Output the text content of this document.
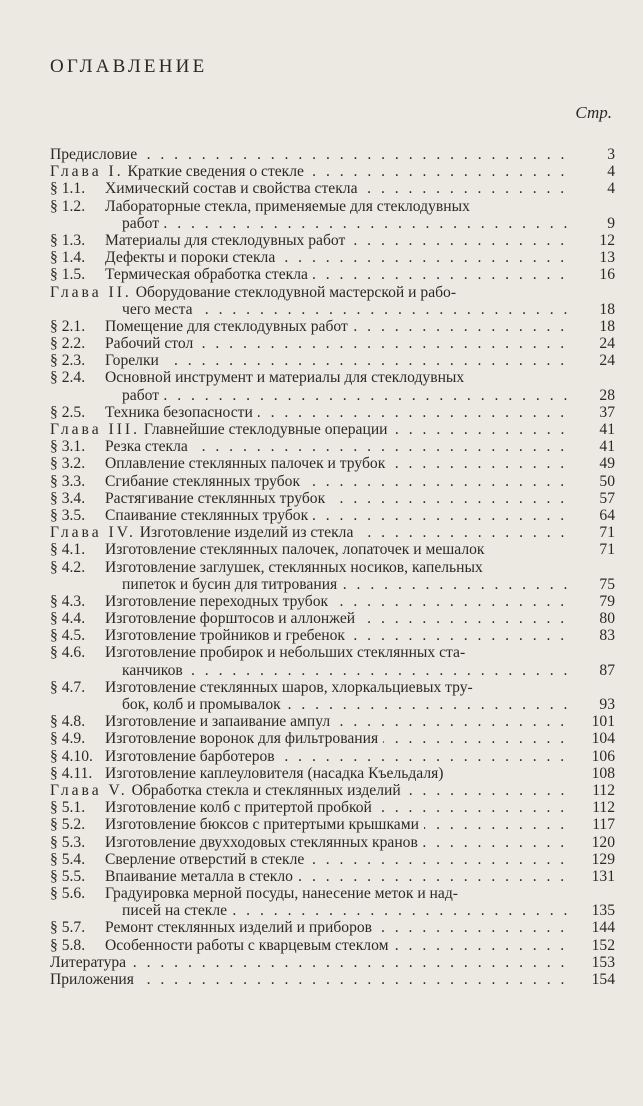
ОГЛАВЛЕНИЕ
Стр.
Предисловие . . .	3
Глава I. Краткие сведения о стекле . . .	4
§ 1.1. Химический состав и свойства стекла . . .	4
§ 1.2. Лабораторные стекла, применяемые для стеклодувных
работ . . .	9
§ 1.3. Материалы для стеклодувных работ . . .	12
§ 1.4. Дефекты и пороки стекла . . .	13
§ 1.5. Термическая обработка стекла . . .	16
Глава II. Оборудование стеклодувной мастерской и рабо-
чего места . . .	18
§ 2.1. Помещение для стеклодувных работ . . .	18
§ 2.2. Рабочий стол . . .	24
§ 2.3. Горелки . . .	24
§ 2.4. Основной инструмент и материалы для стеклодувных
работ . . .	28
§ 2.5. Техника безопасности . . .	37
Глава III. Главнейшие стеклодувные операции . . .	41
§ 3.1. Резка стекла . . .	41
§ 3.2. Оплавление стеклянных палочек и трубок . . .	49
§ 3.3. Сгибание стеклянных трубок . . .	50
§ 3.4. Растягивание стеклянных трубок . . .	57
§ 3.5. Спаивание стеклянных трубок . . .	64
Глава IV. Изготовление изделий из стекла . . .	71
§ 4.1. Изготовление стеклянных палочек, лопаточек и мешалок	71
§ 4.2. Изготовление заглушек, стеклянных носиков, капельных
пипеток и бусин для титрования . . .	75
§ 4.3. Изготовление переходных трубок . . .	79
§ 4.4. Изготовление форштосов и аллонжей . . .	80
§ 4.5. Изготовление тройников и гребенок . . .	83
§ 4.6. Изготовление пробирок и небольших стеклянных ста-
канчиков . . .	87
§ 4.7. Изготовление стеклянных шаров, хлоркальциевых тру-
бок, колб и промывалок . . .	93
§ 4.8. Изготовление и запаивание ампул . . .	101
§ 4.9. Изготовление воронок для фильтрования . . .	104
§ 4.10. Изготовление барботеров . . .	106
§ 4.11. Изготовление каплеуловителя (насадка Къельдаля)	108
Глава V. Обработка стекла и стеклянных изделий . . .	112
§ 5.1. Изготовление колб с притертой пробкой . . .	112
§ 5.2. Изготовление бюксов с притертыми крышками . . .	117
§ 5.3. Изготовление двухходовых стеклянных кранов . . .	120
§ 5.4. Сверление отверстий в стекле . . .	129
§ 5.5. Впаивание металла в стекло . . .	131
§ 5.6. Градуировка мерной посуды, нанесение меток и над-
писей на стекле . . .	135
§ 5.7. Ремонт стеклянных изделий и приборов . . .	144
§ 5.8. Особенности работы с кварцевым стеклом . . .	152
Литература . . .	153
Приложения . . .	154
